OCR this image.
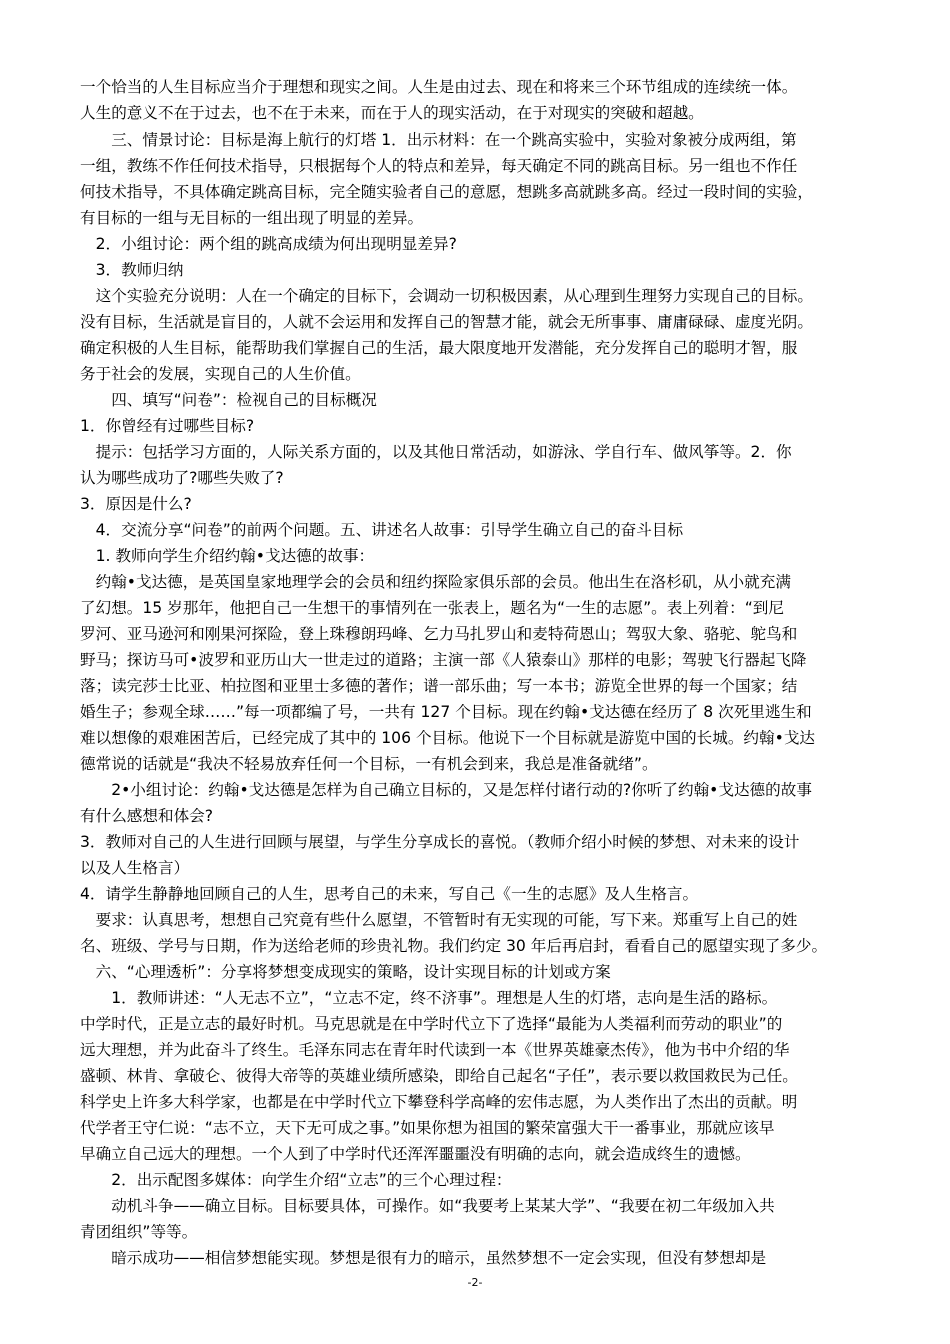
一个恰当的人生目标应当介于理想和现实之间。人生是由过去、现在和将来三个环节组成的连续统一体。
人生的意义不在于过去，也不在于未来，而在于人的现实活动，在于对现实的突破和超越。
　　三、情景讨论：目标是海上航行的灯塔 1．出示材料：在一个跳高实验中，实验对象被分成两组，第
一组，教练不作任何技术指导，只根据每个人的特点和差异，每天确定不同的跳高目标。另一组也不作任
何技术指导，不具体确定跳高目标，完全随实验者自己的意愿，想跳多高就跳多高。经过一段时间的实验，
有目标的一组与无目标的一组出现了明显的差异。
　2．小组讨论：两个组的跳高成绩为何出现明显差异?
　3．教师归纳
　这个实验充分说明：人在一个确定的目标下，会调动一切积极因素，从心理到生理努力实现自己的目标。
没有目标，生活就是盲目的，人就不会运用和发挥自己的智慧才能，就会无所事事、庸庸碌碌、虚度光阴。
确定积极的人生目标，能帮助我们掌握自己的生活，最大限度地开发潜能，充分发挥自己的聪明才智，服
务于社会的发展，实现自己的人生价值。
　　四、填写“问卷”：检视自己的目标概况
1．你曾经有过哪些目标?
　提示：包括学习方面的，人际关系方面的，以及其他日常活动，如游泳、学自行车、做风筝等。2．你
认为哪些成功了?哪些失败了?
3．原因是什么?
　4．交流分享“问卷”的前两个问题。五、讲述名人故事：引导学生确立自己的奋斗目标
　1. 教师向学生介绍约翰•戈达德的故事：
　约翰•戈达德，是英国皇家地理学会的会员和纽约探险家俱乐部的会员。他出生在洛杉矶，从小就充满
了幻想。15 岁那年，他把自己一生想干的事情列在一张表上，题名为“一生的志愿”。表上列着：“到尼
罗河、亚马逊河和刚果河探险，登上珠穆朗玛峰、乞力马扎罗山和麦特荷恩山；驾驭大象、骆驼、鸵鸟和
野马；探访马可•波罗和亚历山大一世走过的道路；主演一部《人猿泰山》那样的电影；驾驶飞行器起飞降
落；读完莎士比亚、柏拉图和亚里士多德的著作；谱一部乐曲；写一本书；游览全世界的每一个国家；结
婚生子；参观全球……”每一项都编了号，一共有 127 个目标。现在约翰•戈达德在经历了 8 次死里逃生和
难以想像的艰难困苦后，已经完成了其中的 106 个目标。他说下一个目标就是游览中国的长城。约翰•戈达
德常说的话就是“我决不轻易放弃任何一个目标，一有机会到来，我总是准备就绪”。
　　2•小组讨论：约翰•戈达德是怎样为自己确立目标的，又是怎样付诸行动的?你听了约翰•戈达德的故事
有什么感想和体会?
3．教师对自己的人生进行回顾与展望，与学生分享成长的喜悦。（教师介绍小时候的梦想、对未来的设计
以及人生格言）
4．请学生静静地回顾自己的人生，思考自己的未来，写自己《一生的志愿》及人生格言。
　要求：认真思考，想想自己究竟有些什么愿望，不管暂时有无实现的可能，写下来。郑重写上自己的姓
名、班级、学号与日期，作为送给老师的珍贵礼物。我们约定 30 年后再启封，看看自己的愿望实现了多少。
　六、“心理透析”：分享将梦想变成现实的策略，设计实现目标的计划或方案
　　1．教师讲述：“人无志不立”，“立志不定，终不济事”。理想是人生的灯塔，志向是生活的路标。
中学时代，正是立志的最好时机。马克思就是在中学时代立下了选择“最能为人类福利而劳动的职业”的
远大理想，并为此奋斗了终生。毛泽东同志在青年时代读到一本《世界英雄豪杰传》，他为书中介绍的华
盛顿、林肯、拿破仑、彼得大帝等的英雄业绩所感染，即给自己起名“子任”，表示要以救国救民为己任。
科学史上许多大科学家，也都是在中学时代立下攀登科学高峰的宏伟志愿，为人类作出了杰出的贡献。明
代学者王守仁说：“志不立，天下无可成之事。”如果你想为祖国的繁荣富强大干一番事业，那就应该早
早确立自己远大的理想。一个人到了中学时代还浑浑噩噩没有明确的志向，就会造成终生的遗憾。
　　2．出示配图多媒体：向学生介绍“立志”的三个心理过程：
　　动机斗争——确立目标。目标要具体，可操作。如“我要考上某某大学”、“我要在初二年级加入共
青团组织”等等。
　　暗示成功——相信梦想能实现。梦想是很有力的暗示，虽然梦想不一定会实现，但没有梦想却是
-2-
